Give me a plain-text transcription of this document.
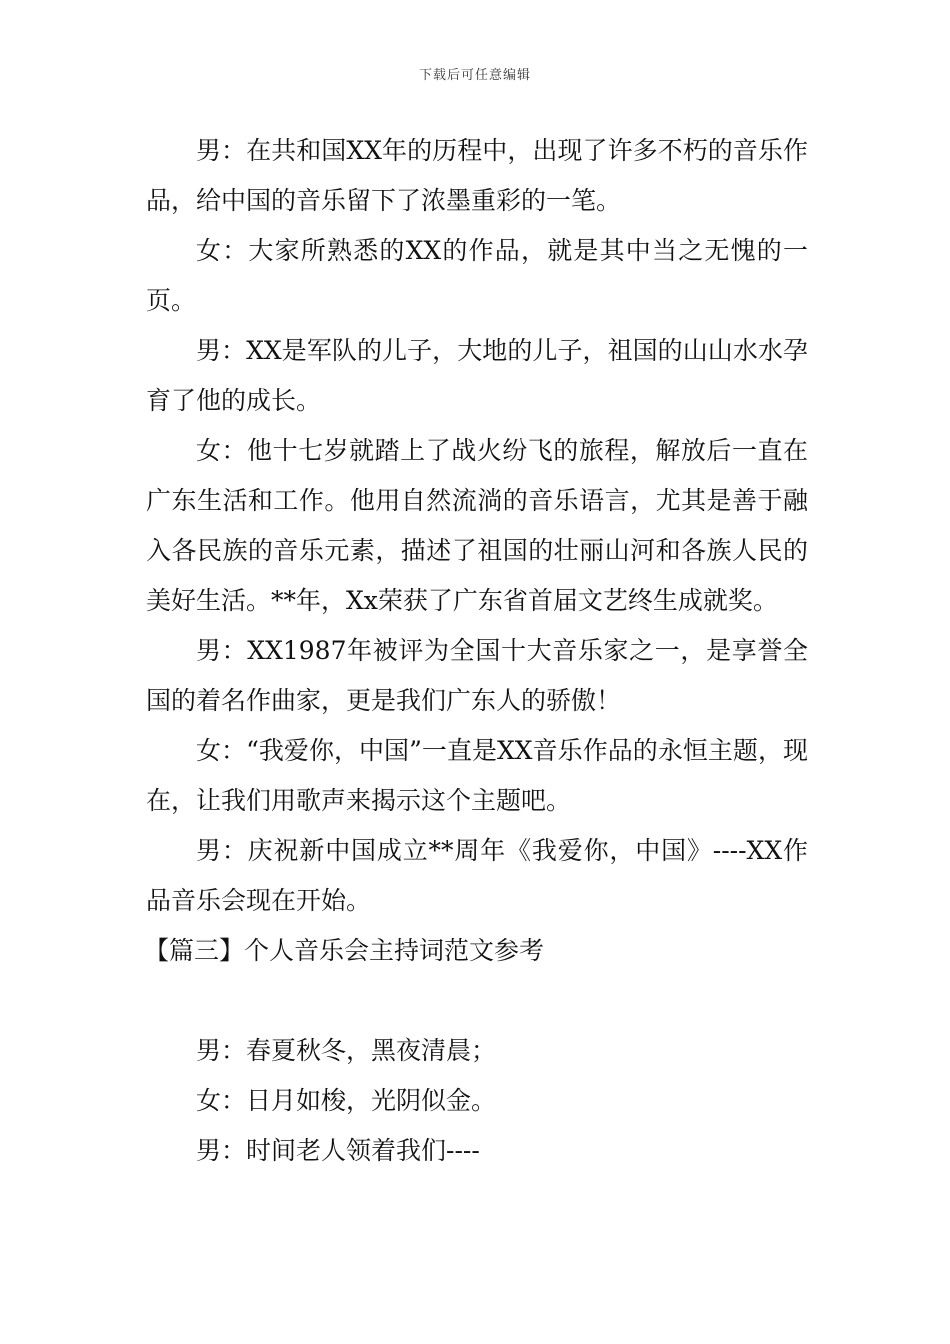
下载后可任意编辑

男：在共和国XX年的历程中，出现了许多不朽的音乐作品，给中国的音乐留下了浓墨重彩的一笔。

女：大家所熟悉的XX的作品，就是其中当之无愧的一页。

男：XX是军队的儿子，大地的儿子，祖国的山山水水孕育了他的成长。

女：他十七岁就踏上了战火纷飞的旅程，解放后一直在广东生活和工作。他用自然流淌的音乐语言，尤其是善于融入各民族的音乐元素，描述了祖国的壮丽山河和各族人民的美好生活。**年，Xx荣获了广东省首届文艺终生成就奖。

男：XX1987年被评为全国十大音乐家之一，是享誉全国的着名作曲家，更是我们广东人的骄傲！

女：“我爱你，中国”一直是XX音乐作品的永恒主题，现在，让我们用歌声来揭示这个主题吧。

男：庆祝新中国成立**周年《我爱你，中国》----XX作品音乐会现在开始。

【篇三】个人音乐会主持词范文参考

男：春夏秋冬，黑夜清晨；

女：日月如梭，光阴似金。

男：时间老人领着我们----
